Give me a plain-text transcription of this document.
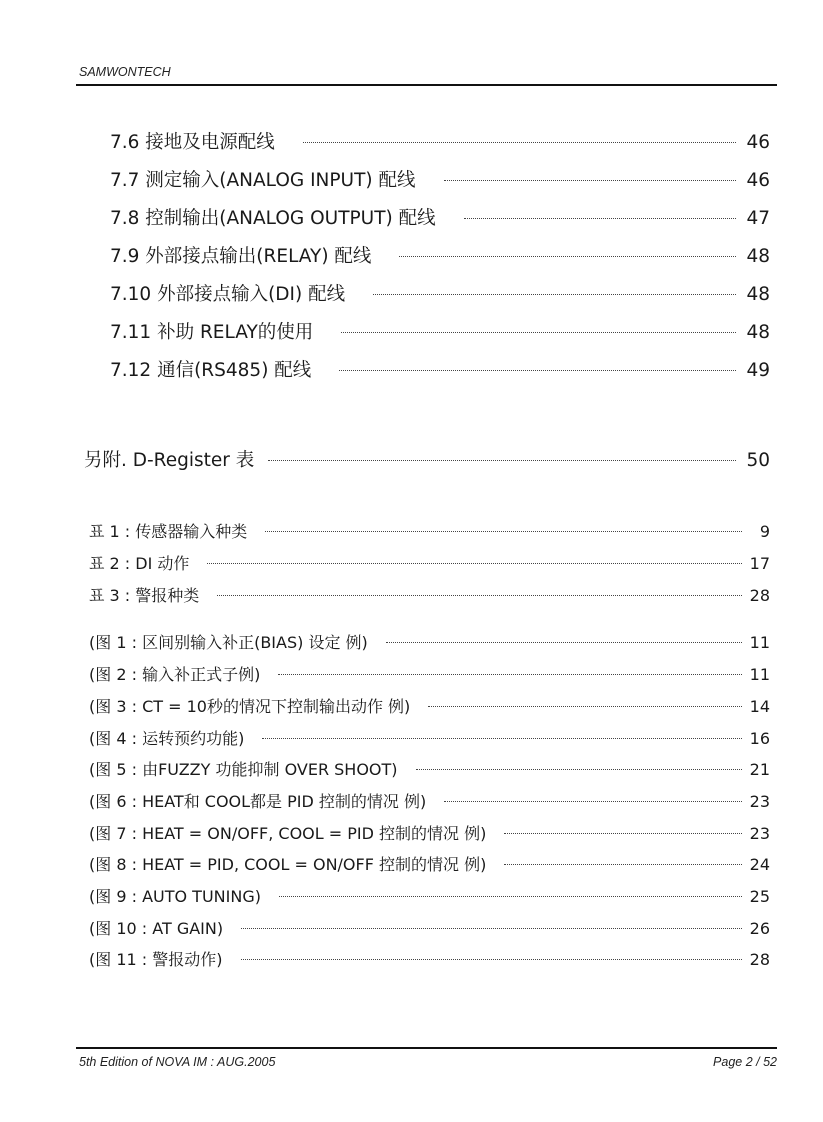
SAMWONTECH
7.6 接地及电源配线	46
7.7 测定输入(ANALOG INPUT) 配线	46
7.8 控制输出(ANALOG OUTPUT) 配线	47
7.9 外部接点输出(RELAY) 配线	48
7.10 外部接点输入(DI) 配线	48
7.11 补助 RELAY的使用	48
7.12 通信(RS485) 配线	49
另附. D-Register 表	50
표 1 : 传感器输入种类	9
표 2 : DI 动作	17
표 3 : 警报种类	28
(图 1 : 区间别输入补正(BIAS) 设定 例)	11
(图 2 : 输入补正式子例)	11
(图 3 : CT = 10秒的情况下控制输出动作 例)	14
(图 4 : 运转预约功能)	16
(图 5 : 由FUZZY 功能抑制 OVER SHOOT)	21
(图 6 : HEAT和 COOL都是 PID 控制的情况 例)	23
(图 7 : HEAT = ON/OFF, COOL = PID 控制的情况 例)	23
(图 8 : HEAT = PID, COOL = ON/OFF 控制的情况 例)	24
(图 9 : AUTO TUNING)	25
(图 10 : AT GAIN)	26
(图 11 : 警报动作)	28
5th Edition of NOVA IM : AUG.2005	Page 2 / 52
